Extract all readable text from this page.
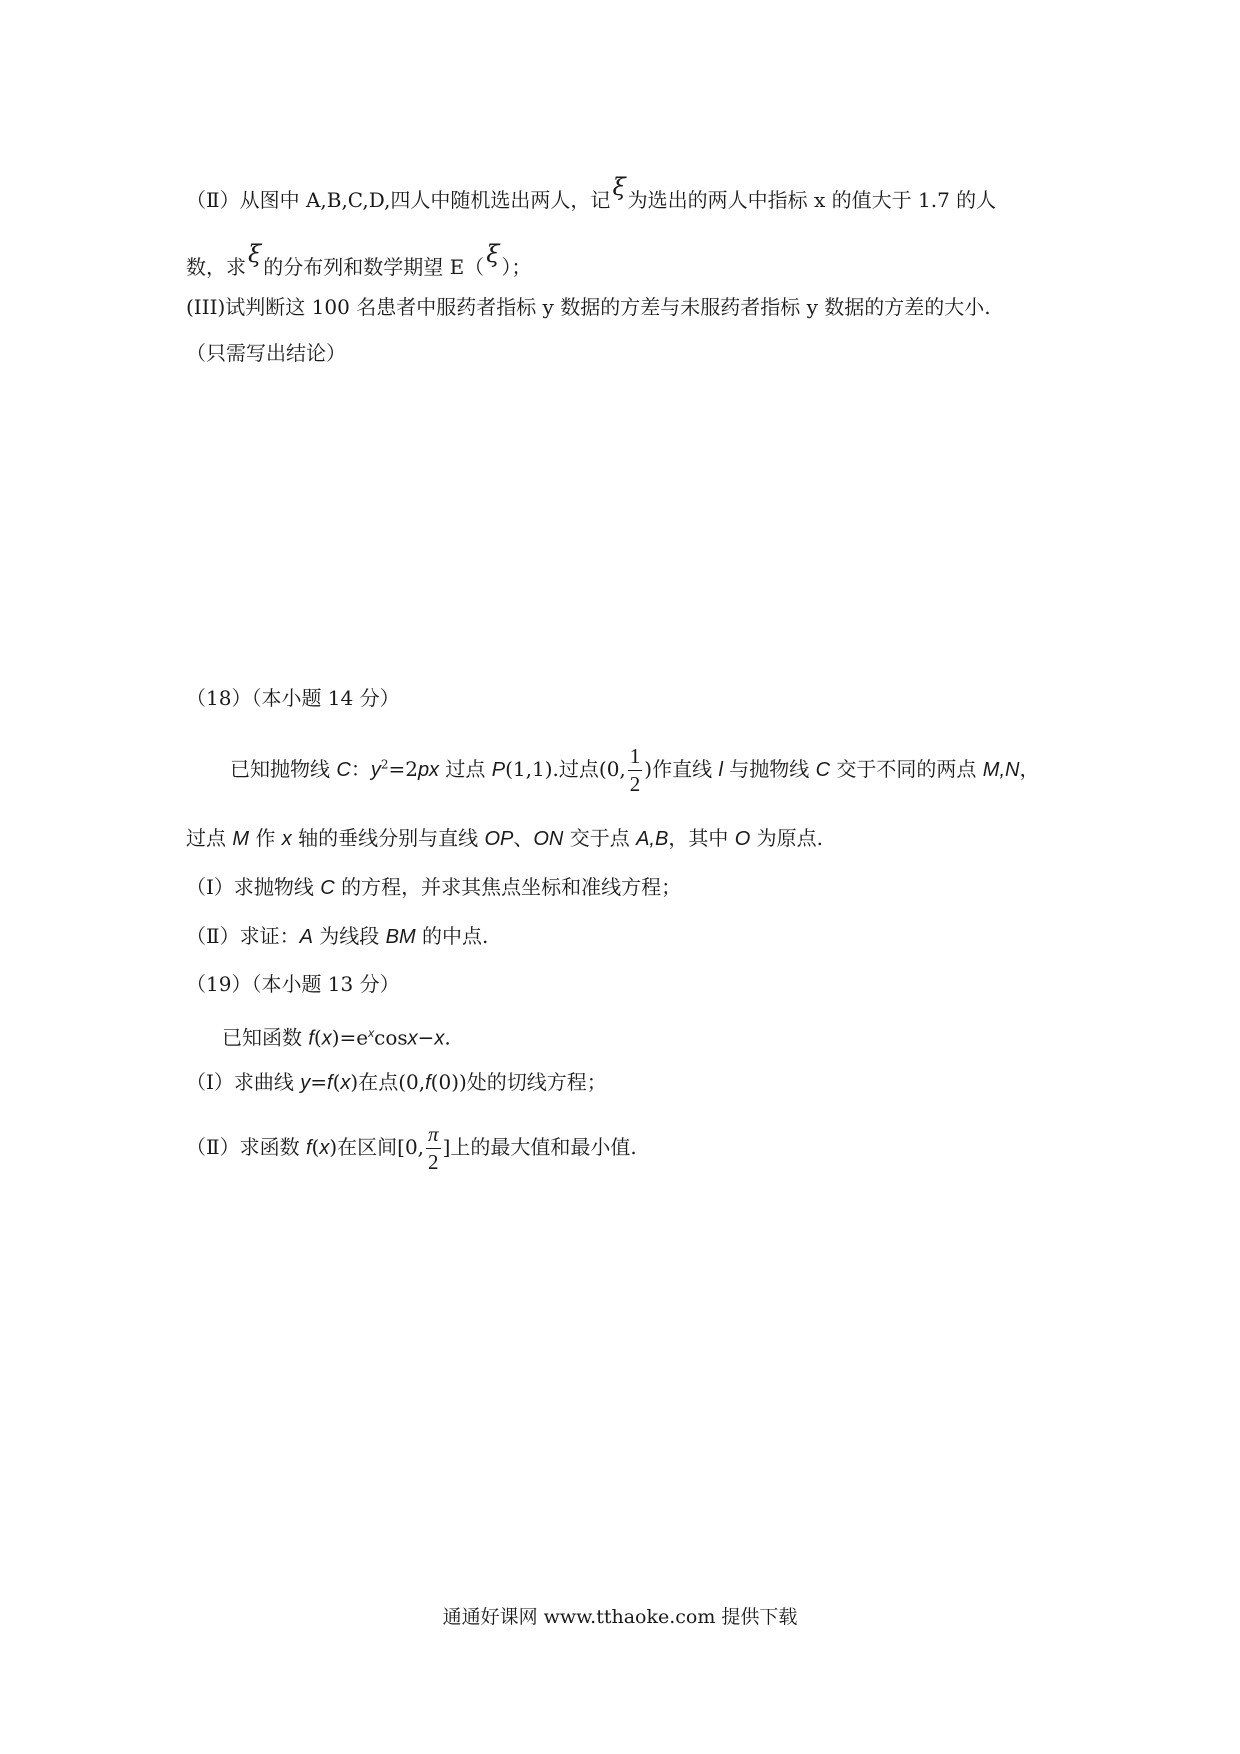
（Ⅱ）从图中 A,B,C,D,四人中随机选出两人，记ξ 为选出的两人中指标 x 的值大于 1.7 的人
数，求ξ 的分布列和数学期望 E（ξ ）；
(III)试判断这 100 名患者中服药者指标 y 数据的方差与未服药者指标 y 数据的方差的大小.
（只需写出结论）
（18）（本小题 14 分）
已知抛物线 C：$y^2=2px$ 过点 P(1,1).过点(0, $\frac{1}{2}$ )作直线 l 与抛物线 C 交于不同的两点 M,N，
过点 M 作 x 轴的垂线分别与直线 OP、ON 交于点 A,B，其中 O 为原点.
（Ⅰ）求抛物线 C 的方程，并求其焦点坐标和准线方程；
（Ⅱ）求证：A 为线段 BM 的中点.
（19）（本小题 13 分）
已知函数 $f(x)=e^x\cos x-x$.
（Ⅰ）求曲线 y=f(x)在点(0,f(0))处的切线方程；
（Ⅱ）求函数 f(x)在区间[0, $\frac{\pi}{2}$ ]上的最大值和最小值.
通通好课网 www.tthaoke.com 提供下载
